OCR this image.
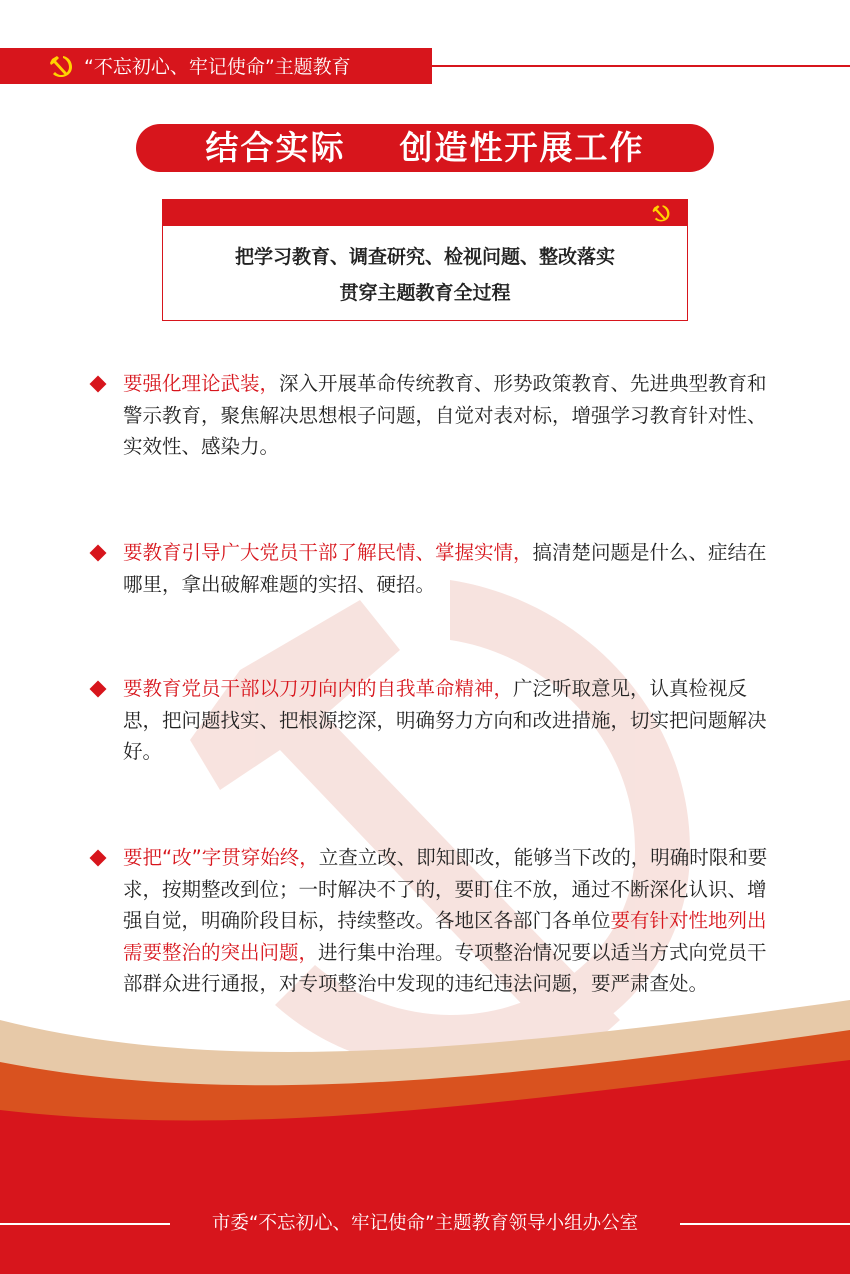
“不忘初心、牢记使命”主题教育
结合实际    创造性开展工作
把学习教育、调查研究、检视问题、整改落实
贯穿主题教育全过程
要强化理论武装，深入开展革命传统教育、形势政策教育、先进典型教育和警示教育，聚焦解决思想根子问题，自觉对表对标，增强学习教育针对性、实效性、感染力。
要教育引导广大党员干部了解民情、掌握实情，搞清楚问题是什么、症结在哪里，拿出破解难题的实招、硬招。
要教育党员干部以刀刃向内的自我革命精神，广泛听取意见，认真检视反思，把问题找实、把根源挖深，明确努力方向和改进措施，切实把问题解决好。
要把“改”字贯穿始终，立查立改、即知即改，能够当下改的，明确时限和要求，按期整改到位；一时解决不了的，要盯住不放，通过不断深化认识、增强自觉，明确阶段目标，持续整改。各地区各部门各单位要有针对性地列出需要整治的突出问题，进行集中治理。专项整治情况要以适当方式向党员干部群众进行通报，对专项整治中发现的违纪违法问题，要严肃查处。
市委“不忘初心、牢记使命”主题教育领导小组办公室
